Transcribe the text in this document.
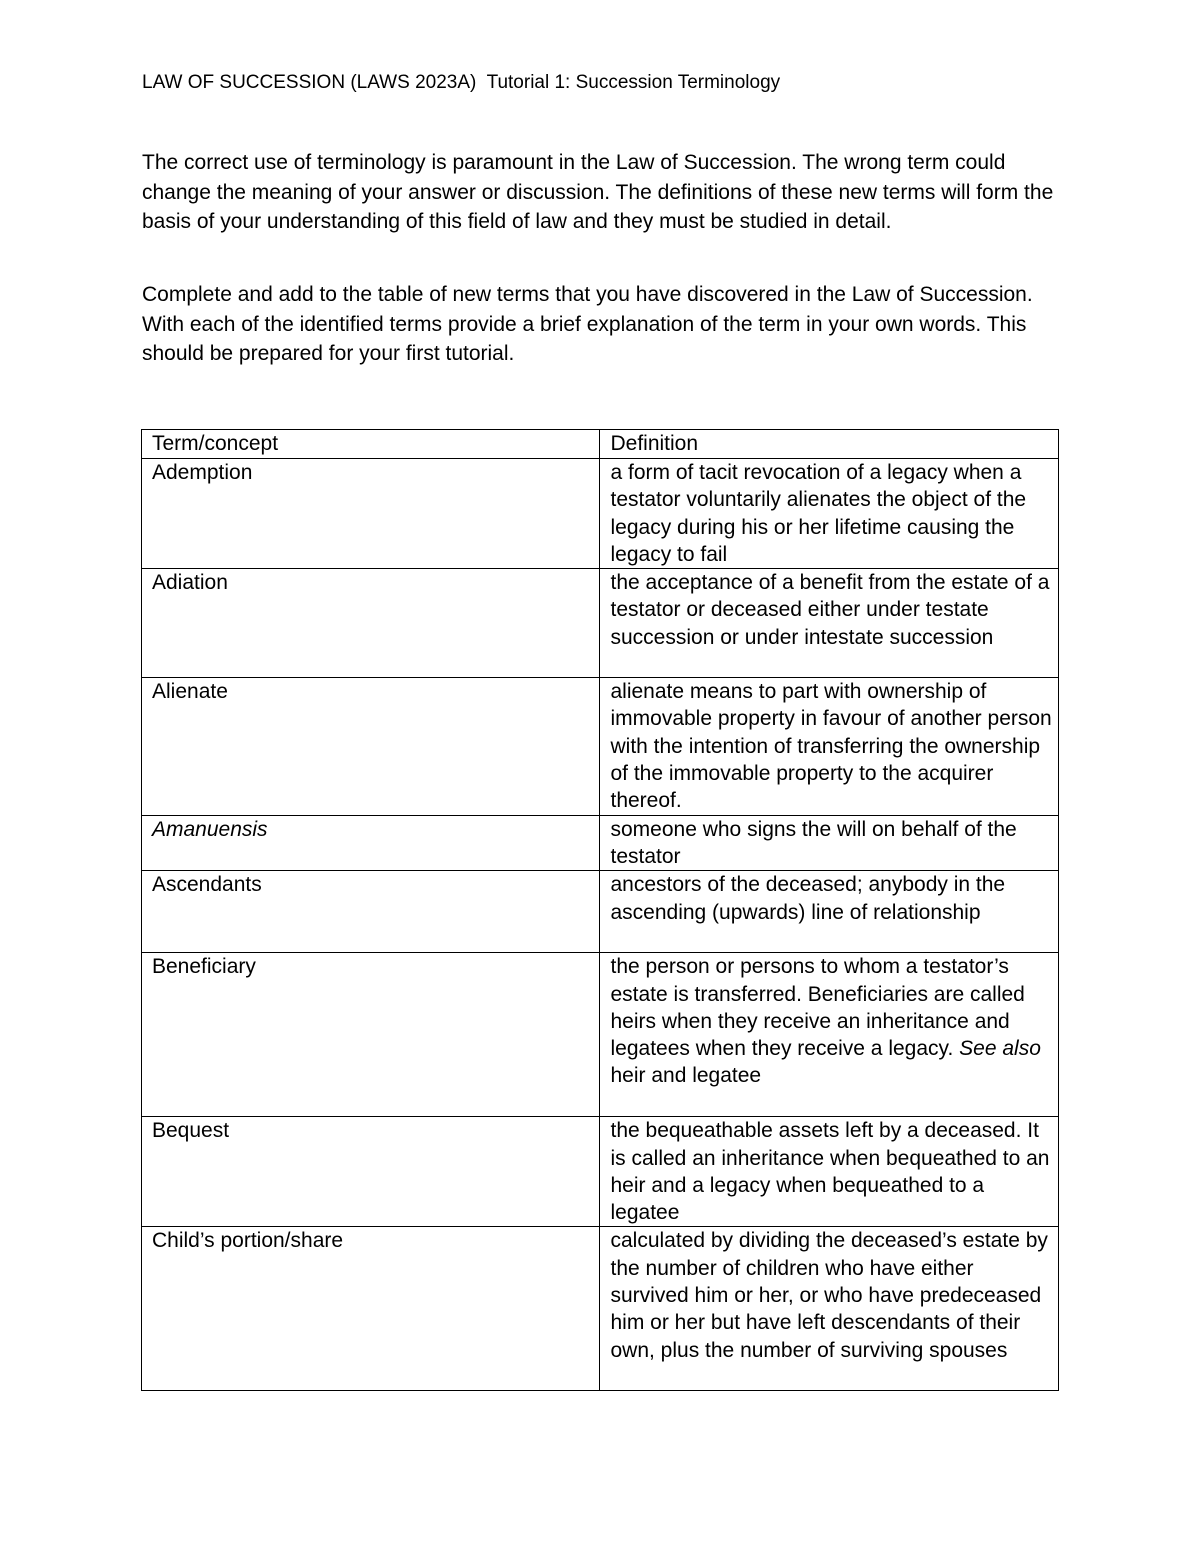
LAW OF SUCCESSION (LAWS 2023A) Tutorial 1: Succession Terminology

The correct use of terminology is paramount in the Law of Succession. The wrong term could change the meaning of your answer or discussion. The definitions of these new terms will form the basis of your understanding of this field of law and they must be studied in detail.

Complete and add to the table of new terms that you have discovered in the Law of Succession. With each of the identified terms provide a brief explanation of the term in your own words. This should be prepared for your first tutorial.

Term/concept	Definition
Ademption	a form of tacit revocation of a legacy when a testator voluntarily alienates the object of the legacy during his or her lifetime causing the legacy to fail
Adiation	the acceptance of a benefit from the estate of a testator or deceased either under testate succession or under intestate succession
Alienate	alienate means to part with ownership of immovable property in favour of another person with the intention of transferring the ownership of the immovable property to the acquirer thereof.
Amanuensis	someone who signs the will on behalf of the testator
Ascendants	ancestors of the deceased; anybody in the ascending (upwards) line of relationship
Beneficiary	the person or persons to whom a testator’s estate is transferred. Beneficiaries are called heirs when they receive an inheritance and legatees when they receive a legacy. See also heir and legatee
Bequest	the bequeathable assets left by a deceased. It is called an inheritance when bequeathed to an heir and a legacy when bequeathed to a legatee
Child’s portion/share	calculated by dividing the deceased’s estate by the number of children who have either survived him or her, or who have predeceased him or her but have left descendants of their own, plus the number of surviving spouses
